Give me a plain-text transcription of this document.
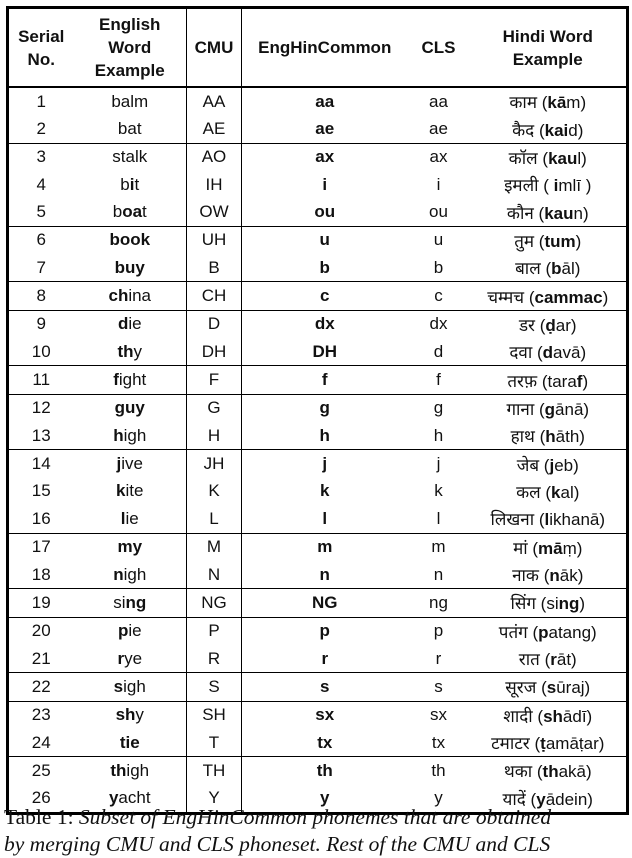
Serial No.	English Word Example	CMU	EngHinCommon	CLS	Hindi Word Example
1	balm	AA	aa	aa	काम (kām)
2	bat	AE	ae	ae	कैद (kaid)
3	stalk	AO	ax	ax	कॉल (kaul)
4	bit	IH	i	i	इमली ( imlī )
5	boat	OW	ou	ou	कौन (kaun)
6	book	UH	u	u	तुम (tum)
7	buy	B	b	b	बाल (bāl)
8	china	CH	c	c	चम्मच (cammac)
9	die	D	dx	dx	डर (ḍar)
10	thy	DH	DH	d	दवा (davā)
11	fight	F	f	f	तरफ़ (taraf)
12	guy	G	g	g	गाना (gānā)
13	high	H	h	h	हाथ (hāth)
14	jive	JH	j	j	जेब (jeb)
15	kite	K	k	k	कल (kal)
16	lie	L	l	l	लिखना (likhanā)
17	my	M	m	m	मां (māṃ)
18	nigh	N	n	n	नाक (nāk)
19	sing	NG	NG	ng	सिंग (sing)
20	pie	P	p	p	पतंग (patang)
21	rye	R	r	r	रात (rāt)
22	sigh	S	s	s	सूरज (sūraj)
23	shy	SH	sx	sx	शादी (shādī)
24	tie	T	tx	tx	टमाटर (ṭamāṭar)
25	thigh	TH	th	th	थका (thakā)
26	yacht	Y	y	y	यादें (yādein)
Table 1: Subset of EngHinCommon phonemes that are obtained
by merging CMU and CLS phoneset. Rest of the CMU and CLS
